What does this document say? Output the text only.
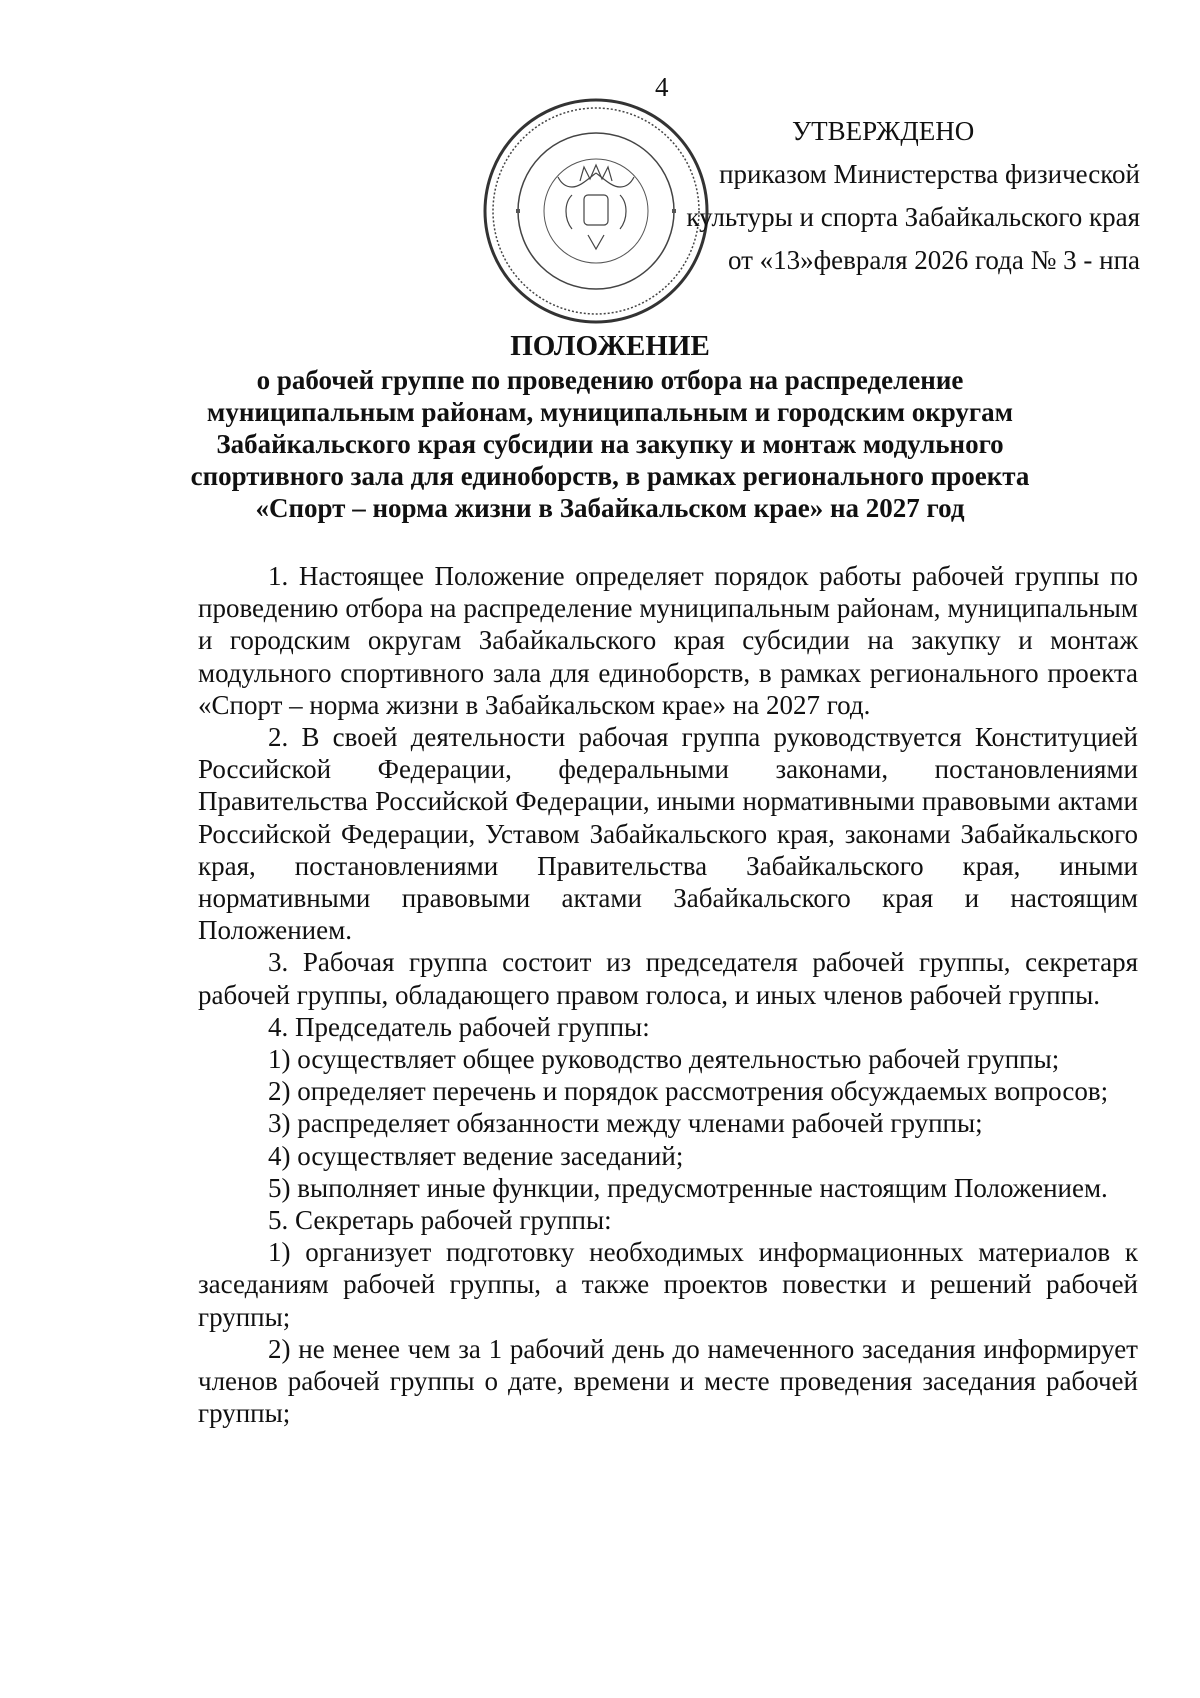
4
УТВЕРЖДЕНО
приказом Министерства физической
культуры и спорта Забайкальского края
от «13»февраля 2026 года № 3 - нпа
ПОЛОЖЕНИЕ
о рабочей группе по проведению отбора на распределение
муниципальным районам, муниципальным и городским округам
Забайкальского края субсидии на закупку и монтаж модульного
спортивного зала для единоборств, в рамках регионального проекта
«Спорт – норма жизни в Забайкальском крае» на 2027 год

1. Настоящее Положение определяет порядок работы рабочей группы по проведению отбора на распределение муниципальным районам, муниципальным и городским округам Забайкальского края субсидии на закупку и монтаж модульного спортивного зала для единоборств, в рамках регионального проекта «Спорт – норма жизни в Забайкальском крае» на 2027 год.

2. В своей деятельности рабочая группа руководствуется Конституцией Российской Федерации, федеральными законами, постановлениями Правительства Российской Федерации, иными нормативными правовыми актами Российской Федерации, Уставом Забайкальского края, законами Забайкальского края, постановлениями Правительства Забайкальского края, иными нормативными правовыми актами Забайкальского края и настоящим Положением.

3. Рабочая группа состоит из председателя рабочей группы, секретаря рабочей группы, обладающего правом голоса, и иных членов рабочей группы.

4. Председатель рабочей группы:

1) осуществляет общее руководство деятельностью рабочей группы;

2) определяет перечень и порядок рассмотрения обсуждаемых вопросов;

3) распределяет обязанности между членами рабочей группы;

4) осуществляет ведение заседаний;

5) выполняет иные функции, предусмотренные настоящим Положением.

5. Секретарь рабочей группы:

1) организует подготовку необходимых информационных материалов к заседаниям рабочей группы, а также проектов повестки и решений рабочей группы;

2) не менее чем за 1 рабочий день до намеченного заседания информирует членов рабочей группы о дате, времени и месте проведения заседания рабочей группы;
